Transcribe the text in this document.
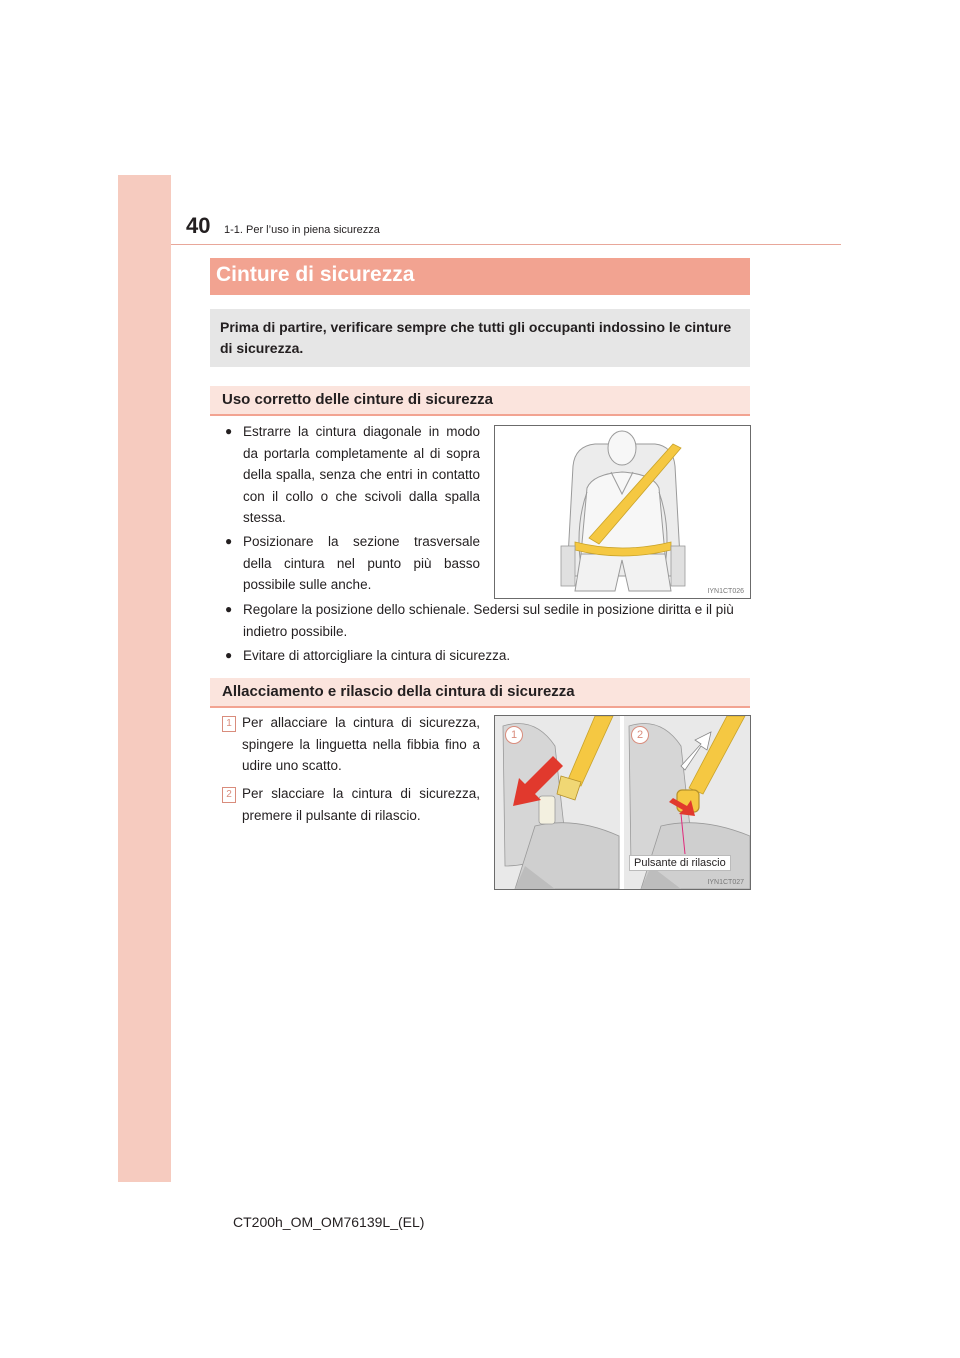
40 1-1. Per l’uso in piena sicurezza
Cinture di sicurezza

Prima di partire, verificare sempre che tutti gli occupanti indossino le cinture di sicurezza.

Uso corretto delle cinture di sicurezza
● Estrarre la cintura diagonale in modo da portarla completamente al di sopra della spalla, senza che entri in contatto con il collo o che scivoli dalla spalla stessa.
● Posizionare la sezione trasversale della cintura nel punto più basso possibile sulle anche.
● Regolare la posizione dello schienale. Sedersi sul sedile in posizione diritta e il più indietro possibile.
● Evitare di attorcigliare la cintura di sicurezza.
IYN1CT026
Allacciamento e rilascio della cintura di sicurezza
1 Per allacciare la cintura di sicurezza, spingere la linguetta nella fibbia fino a udire uno scatto.
2 Per slacciare la cintura di sicurezza, premere il pulsante di rilascio.
1	2
Pulsante di rilascio
IYN1CT027
CT200h_OM_OM76139L_(EL)
